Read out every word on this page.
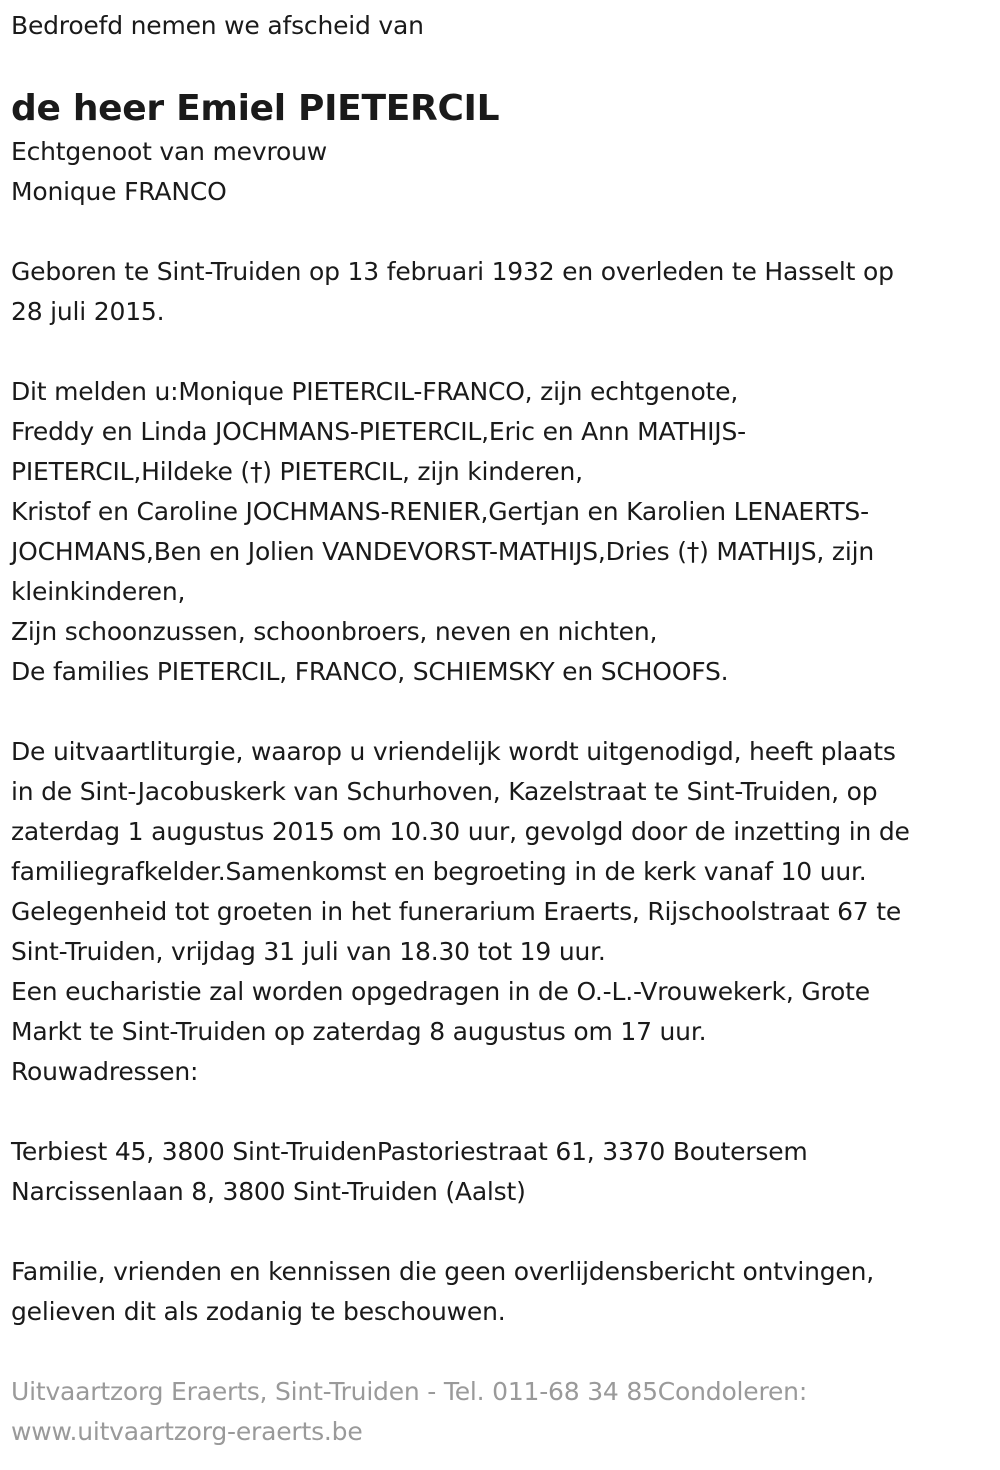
Bedroefd nemen we afscheid van
de heer Emiel PIETERCIL
Echtgenoot van mevrouw
Monique FRANCO
Geboren te Sint-Truiden op 13 februari 1932 en overleden te Hasselt op
28 juli 2015.
Dit melden u:Monique PIETERCIL-FRANCO, zijn echtgenote,
Freddy en Linda JOCHMANS-PIETERCIL,Eric en Ann MATHIJS-
PIETERCIL,Hildeke (†) PIETERCIL, zijn kinderen,
Kristof en Caroline JOCHMANS-RENIER,Gertjan en Karolien LENAERTS-
JOCHMANS,Ben en Jolien VANDEVORST-MATHIJS,Dries (†) MATHIJS, zijn
kleinkinderen,
Zijn schoonzussen, schoonbroers, neven en nichten,
De families PIETERCIL, FRANCO, SCHIEMSKY en SCHOOFS.
De uitvaartliturgie, waarop u vriendelijk wordt uitgenodigd, heeft plaats
in de Sint-Jacobuskerk van Schurhoven, Kazelstraat te Sint-Truiden, op
zaterdag 1 augustus 2015 om 10.30 uur, gevolgd door de inzetting in de
familiegrafkelder.Samenkomst en begroeting in de kerk vanaf 10 uur.
Gelegenheid tot groeten in het funerarium Eraerts, Rijschoolstraat 67 te
Sint-Truiden, vrijdag 31 juli van 18.30 tot 19 uur.
Een eucharistie zal worden opgedragen in de O.-L.-Vrouwekerk, Grote
Markt te Sint-Truiden op zaterdag 8 augustus om 17 uur.
Rouwadressen:
Terbiest 45, 3800 Sint-TruidenPastoriestraat 61, 3370 Boutersem
Narcissenlaan 8, 3800 Sint-Truiden (Aalst)
Familie, vrienden en kennissen die geen overlijdensbericht ontvingen,
gelieven dit als zodanig te beschouwen.
Uitvaartzorg Eraerts, Sint-Truiden - Tel. 011-68 34 85Condoleren:
www.uitvaartzorg-eraerts.be
